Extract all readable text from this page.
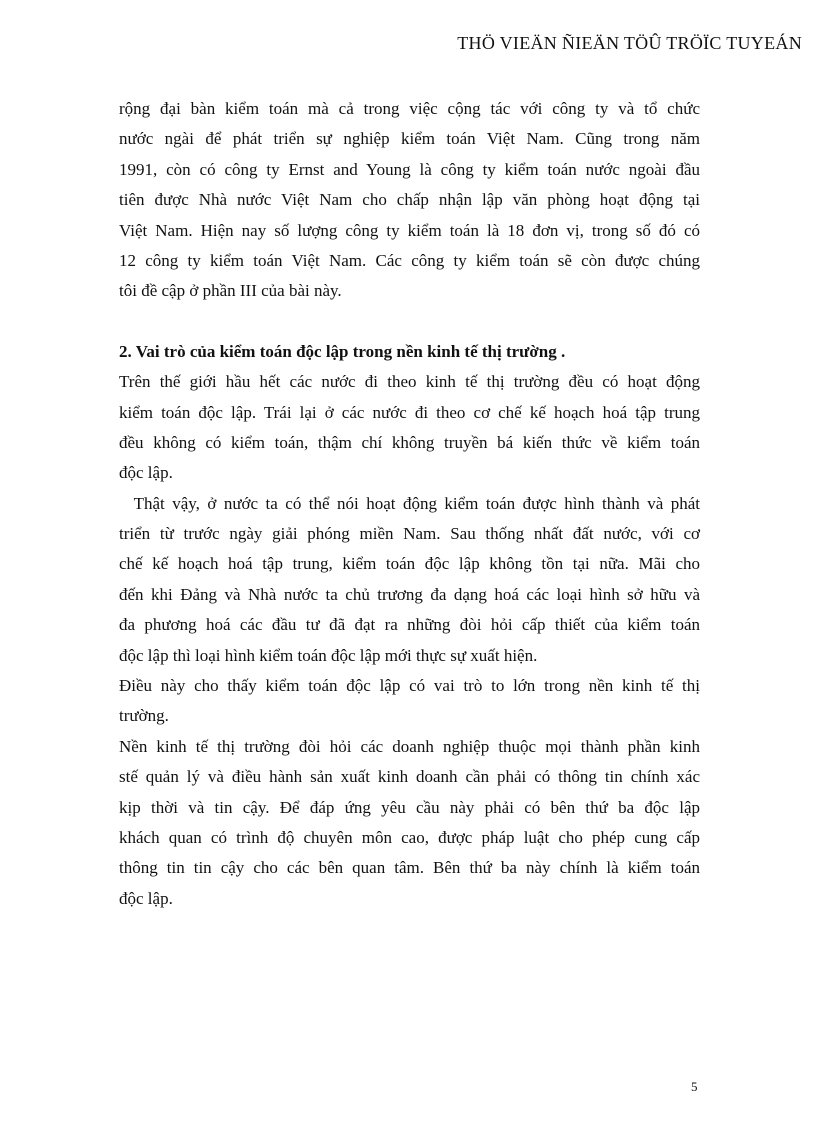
THÖ VIEÄN ÑIEÄN TÖÛ TRÖÏC TUYEÁN
rộng đại bàn kiểm toán mà cả trong việc cộng tác với công ty và tổ chức
nước ngài để phát triển sự nghiệp kiểm toán Việt Nam. Cũng trong năm
1991, còn có công ty Ernst and Young là công ty kiểm toán nước ngoài đầu
tiên được Nhà nước Việt Nam cho chấp nhận lập văn phòng hoạt động tại
Việt Nam. Hiện nay số lượng công ty kiểm toán là 18 đơn vị, trong số đó có
12 công ty kiểm toán Việt Nam. Các công ty kiểm toán sẽ còn được chúng
tôi đề cập ở phần III của bài này.
2. Vai trò của kiểm toán độc lập trong nền kinh tế thị trường .
Trên thế giới hầu hết các nước đi theo kinh tế thị trường đều có hoạt động
kiểm toán độc lập. Trái lại ở các nước đi theo cơ chế kế hoạch hoá tập trung
đều không có kiểm toán, thậm chí không truyền bá kiến thức về kiểm toán
độc lập.
Thật vậy, ở nước ta có thể nói hoạt động kiểm toán được hình thành và phát
triển từ trước ngày giải phóng miền Nam. Sau thống nhất đất nước, với cơ
chế kế hoạch hoá tập trung, kiểm toán độc lập không tồn tại nữa. Mãi cho
đến khi Đảng và Nhà nước ta chủ trương đa dạng hoá các loại hình sở hữu và
đa phương hoá các đầu tư đã đạt ra những đòi hỏi cấp thiết của kiểm toán
độc lập thì loại hình kiểm toán độc lập mới thực sự xuất hiện.
Điều này cho thấy kiểm toán độc lập có vai trò to lớn trong nền kinh tế thị
trường.
Nền kinh tế thị trường đòi hỏi các doanh nghiệp thuộc mọi thành phần kinh
stế quản lý và điều hành sản xuất kinh doanh cần phải có thông tin chính xác
kịp thời và tin cậy. Để đáp ứng yêu cầu này phải có bên thứ ba độc lập
khách quan có trình độ chuyên môn cao, được pháp luật cho phép cung cấp
thông tin tin cậy cho các bên quan tâm. Bên thứ ba này chính là kiểm toán
độc lập.
5
